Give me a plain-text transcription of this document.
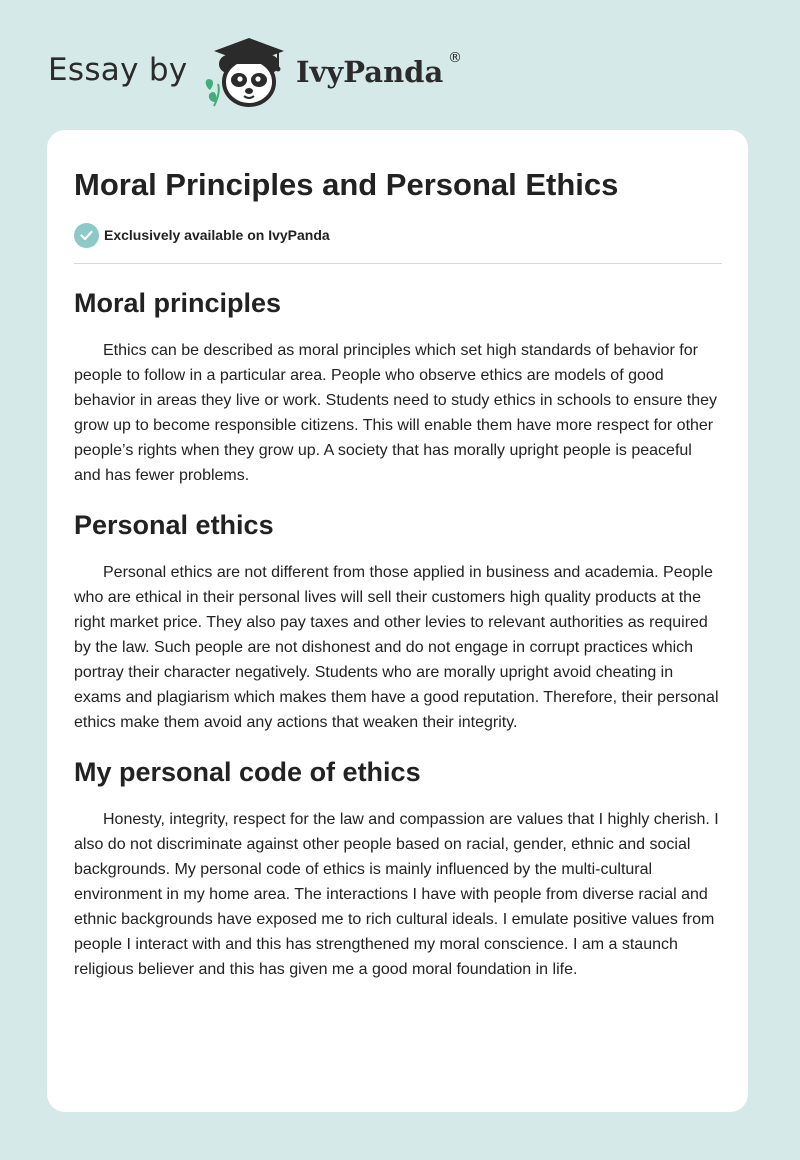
Essay by	IvyPanda ®
Moral Principles and Personal Ethics
Exclusively available on IvyPanda
Moral principles

Ethics can be described as moral principles which set high standards of behavior for people to follow in a particular area. People who observe ethics are models of good behavior in areas they live or work. Students need to study ethics in schools to ensure they grow up to become responsible citizens. This will enable them have more respect for other people’s rights when they grow up. A society that has morally upright people is peaceful and has fewer problems.

Personal ethics

Personal ethics are not different from those applied in business and academia. People who are ethical in their personal lives will sell their customers high quality products at the right market price. They also pay taxes and other levies to relevant authorities as required by the law. Such people are not dishonest and do not engage in corrupt practices which portray their character negatively. Students who are morally upright avoid cheating in exams and plagiarism which makes them have a good reputation. Therefore, their personal ethics make them avoid any actions that weaken their integrity.

My personal code of ethics

Honesty, integrity, respect for the law and compassion are values that I highly cherish. I also do not discriminate against other people based on racial, gender, ethnic and social backgrounds. My personal code of ethics is mainly influenced by the multi-cultural environment in my home area. The interactions I have with people from diverse racial and ethnic backgrounds have exposed me to rich cultural ideals. I emulate positive values from people I interact with and this has strengthened my moral conscience. I am a staunch religious believer and this has given me a good moral foundation in life.
